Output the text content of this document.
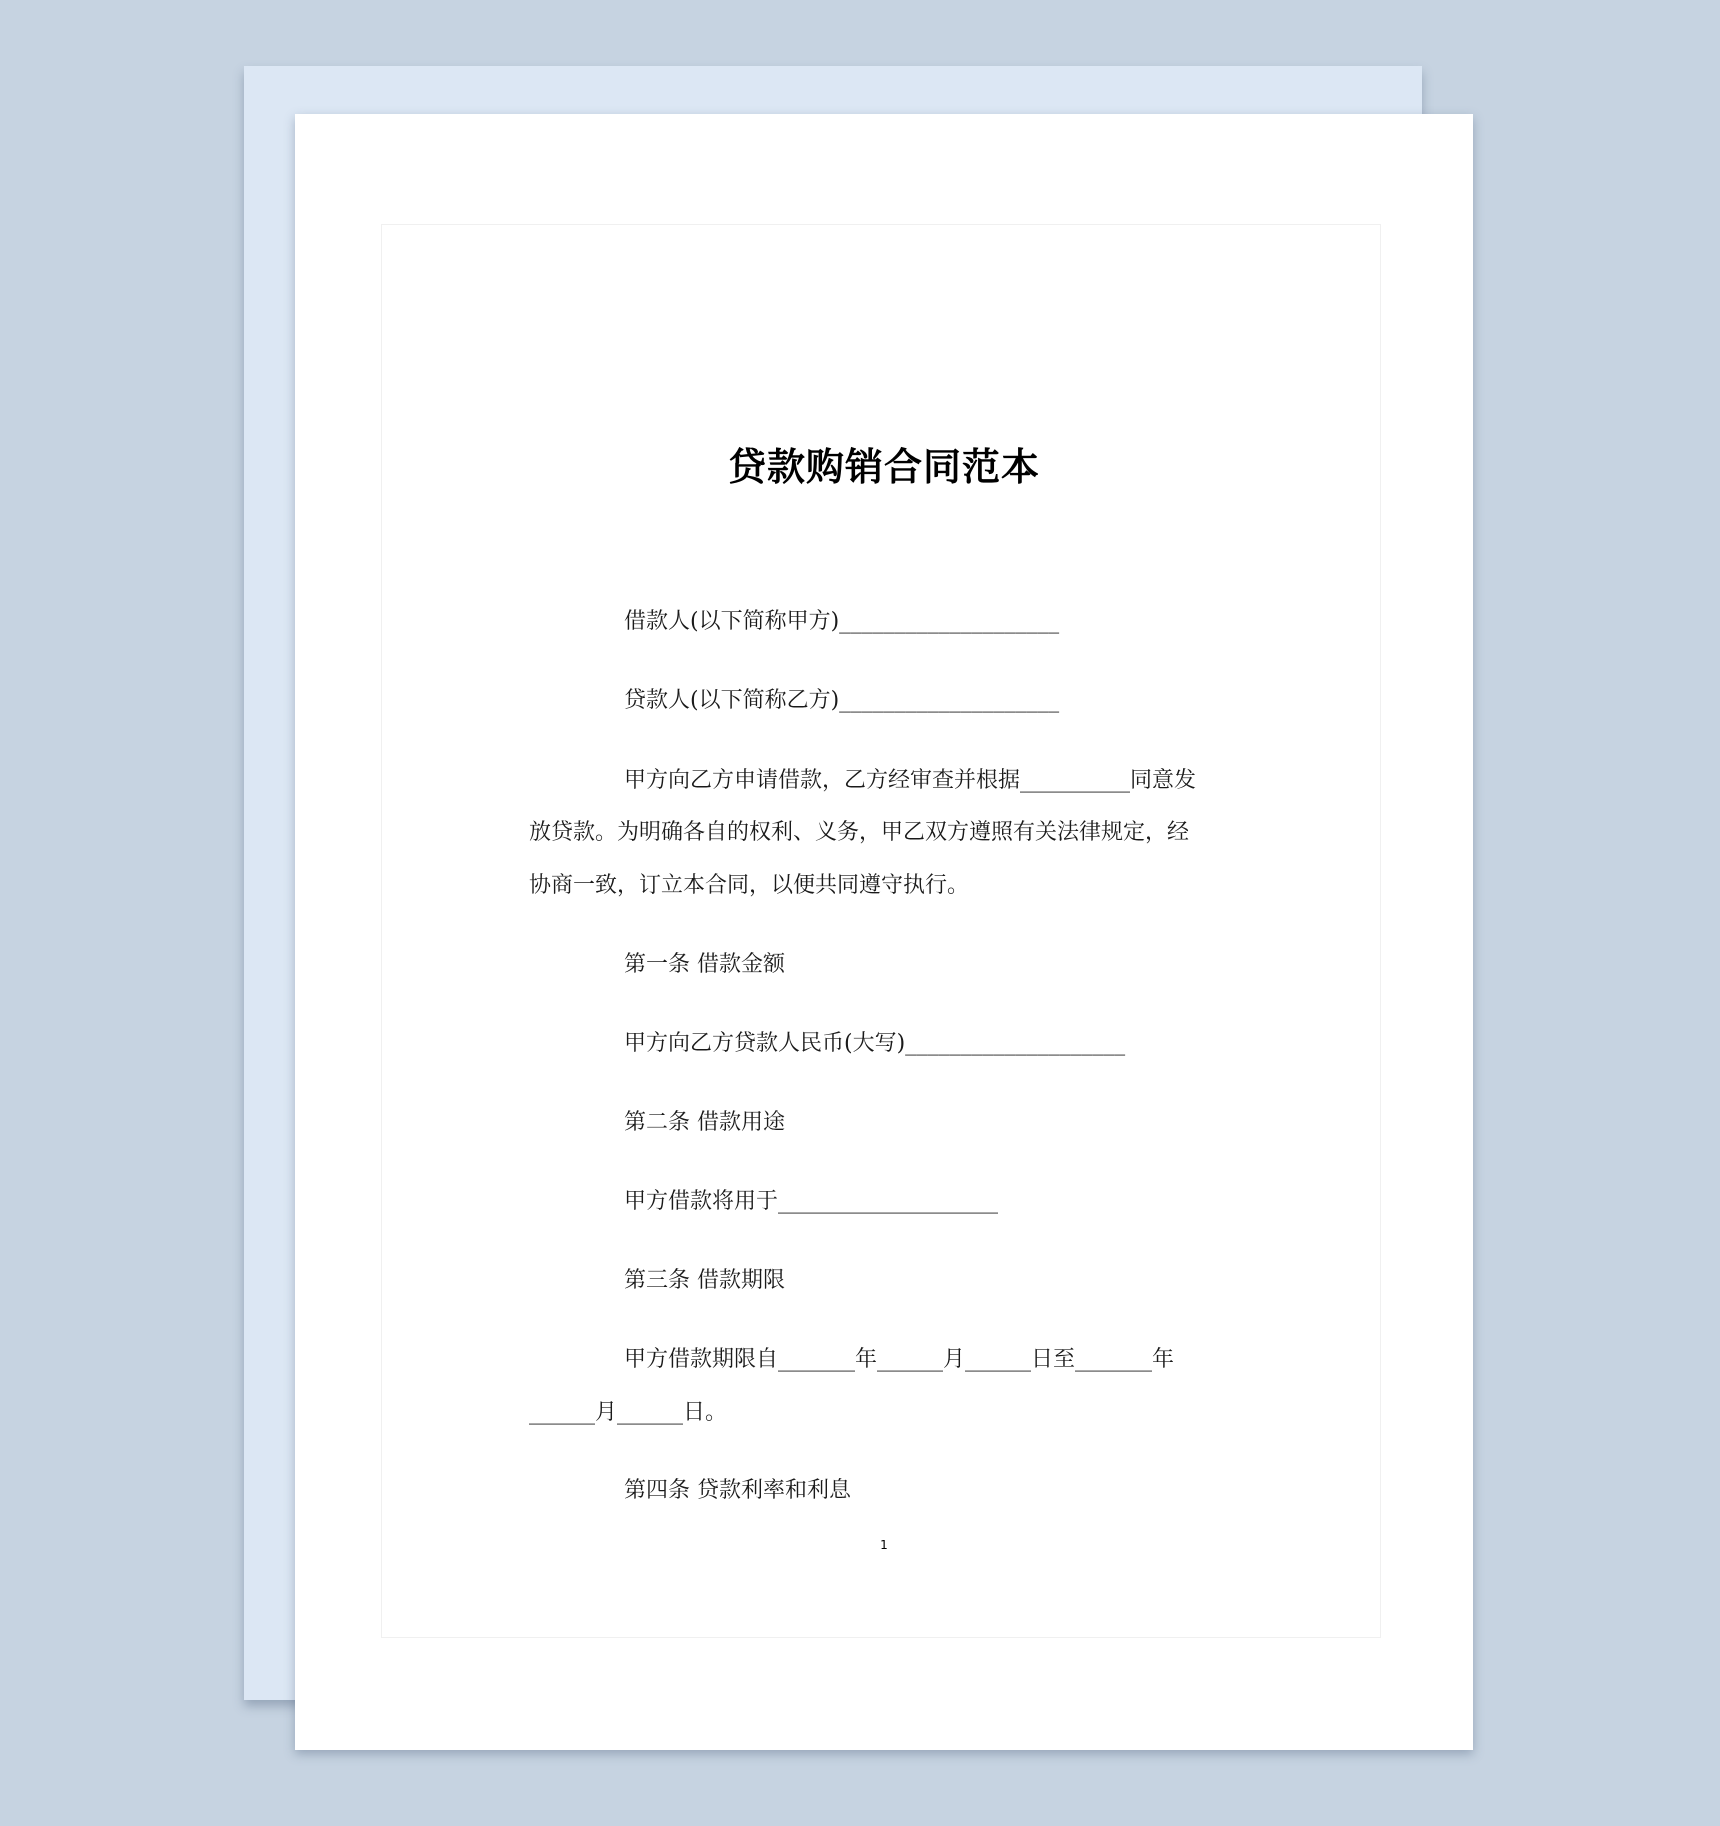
贷款购销合同范本
借款人(以下简称甲方)____________________
贷款人(以下简称乙方)____________________
甲方向乙方申请借款，乙方经审查并根据__________同意发
放贷款。为明确各自的权利、义务，甲乙双方遵照有关法律规定，经
协商一致，订立本合同，以便共同遵守执行。
第一条 借款金额
甲方向乙方贷款人民币(大写)____________________
第二条 借款用途
甲方借款将用于____________________
第三条 借款期限
甲方借款期限自_______年______月______日至_______年
______月______日。
第四条 贷款利率和利息
1
